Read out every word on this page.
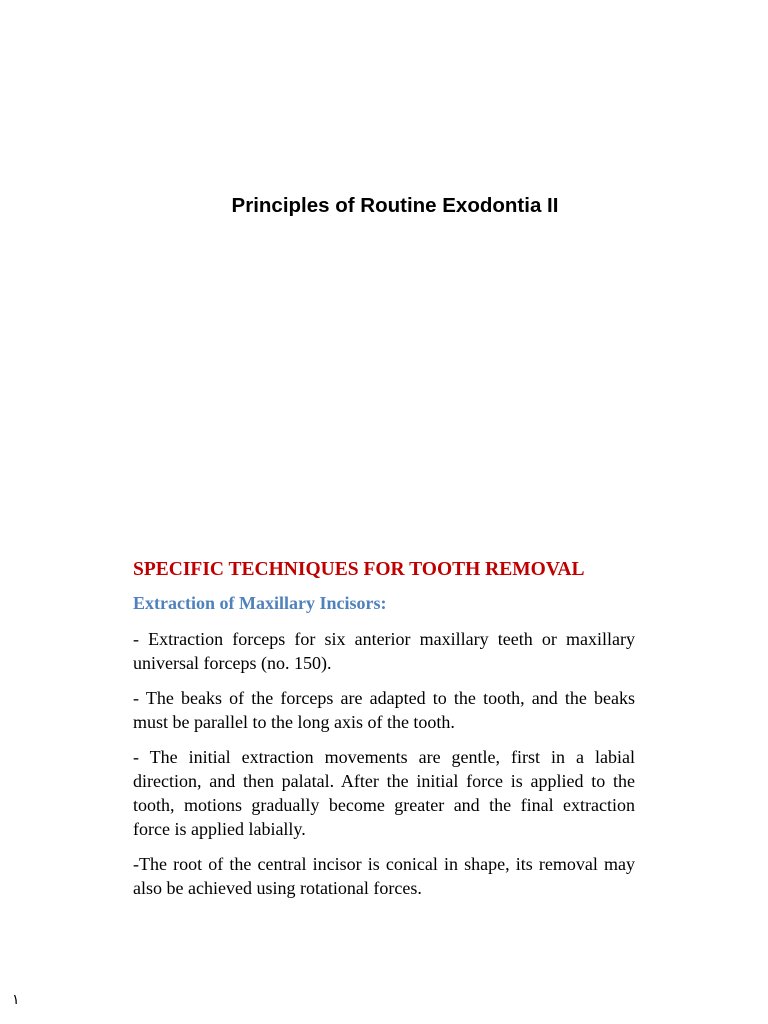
Principles of Routine Exodontia II
SPECIFIC TECHNIQUES FOR TOOTH REMOVAL
Extraction of Maxillary Incisors:

- Extraction forceps for six anterior maxillary teeth or maxillary universal forceps (no. 150).

- The beaks of the forceps are adapted to the tooth, and the beaks must be parallel to the long axis of the tooth.

- The initial extraction movements are gentle, first in a labial direction, and then palatal. After the initial force is applied to the tooth, motions gradually become greater and the final extraction force is applied labially.

-The root of the central incisor is conical in shape, its removal may also be achieved using rotational forces.

١
